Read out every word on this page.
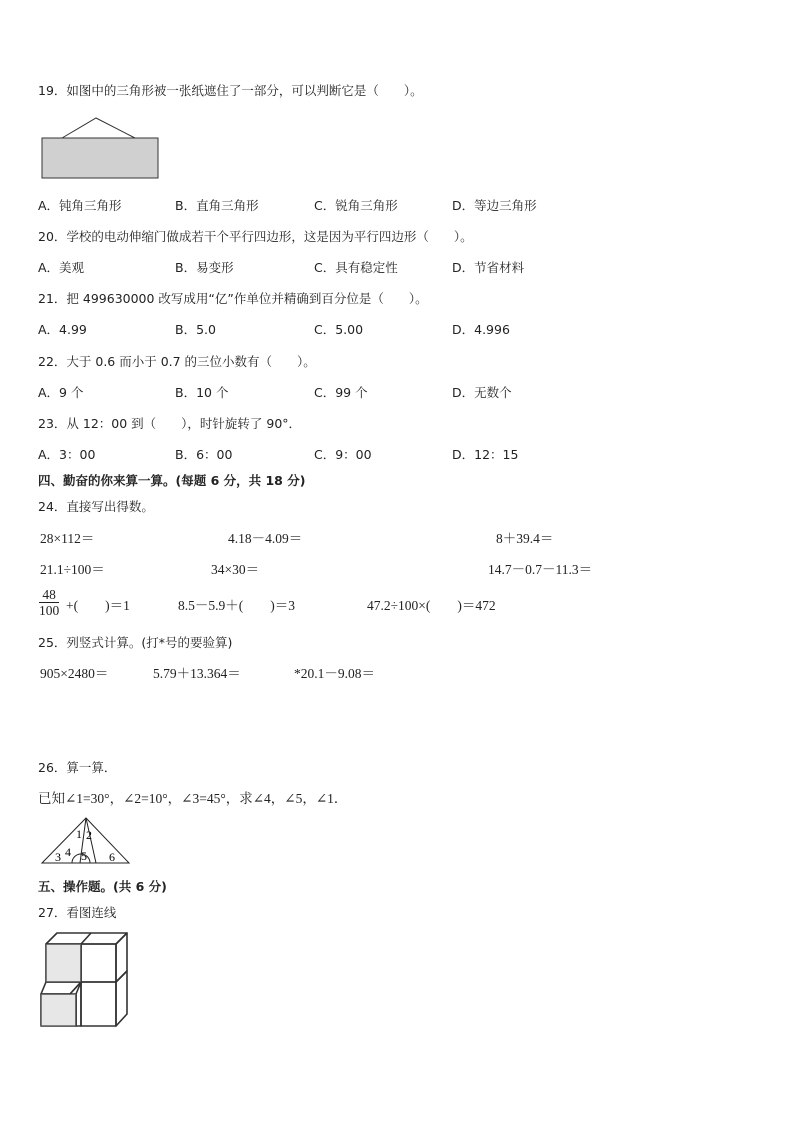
19．如图中的三角形被一张纸遮住了一部分，可以判断它是（　　）。
A．钝角三角形	B．直角三角形	C．锐角三角形	D．等边三角形
20．学校的电动伸缩门做成若干个平行四边形，这是因为平行四边形（　　）。
A．美观	B．易变形	C．具有稳定性	D．节省材料
21．把 499630000 改写成用“亿”作单位并精确到百分位是（　　）。
A．4.99	B．5.0	C．5.00	D．4.996
22．大于 0.6 而小于 0.7 的三位小数有（　　）。
A．9 个	B．10 个	C．99 个	D．无数个
23．从 12：00 到（　　），时针旋转了 90°．
A．3：00	B．6：00	C．9：00	D．12：15
四、勤奋的你来算一算。(每题 6 分，共 18 分)
24．直接写出得数。
28×112＝	4.18－4.09＝	8＋39.4＝
21.1÷100＝	34×30＝	14.7－0.7－11.3＝
$\frac{48}{100}$ +(　　)＝1	8.5－5.9＋(　　)＝3	47.2÷100×(　　)＝472
25．列竖式计算。(打*号的要验算)
905×2480＝	5.79＋13.364＝	*20.1－9.08＝
26．算一算．
已知∠1=30°，∠2=10°，∠3=45°，求∠4，∠5，∠1．
1 2
3 4 5 6
五、操作题。(共 6 分)
27．看图连线
